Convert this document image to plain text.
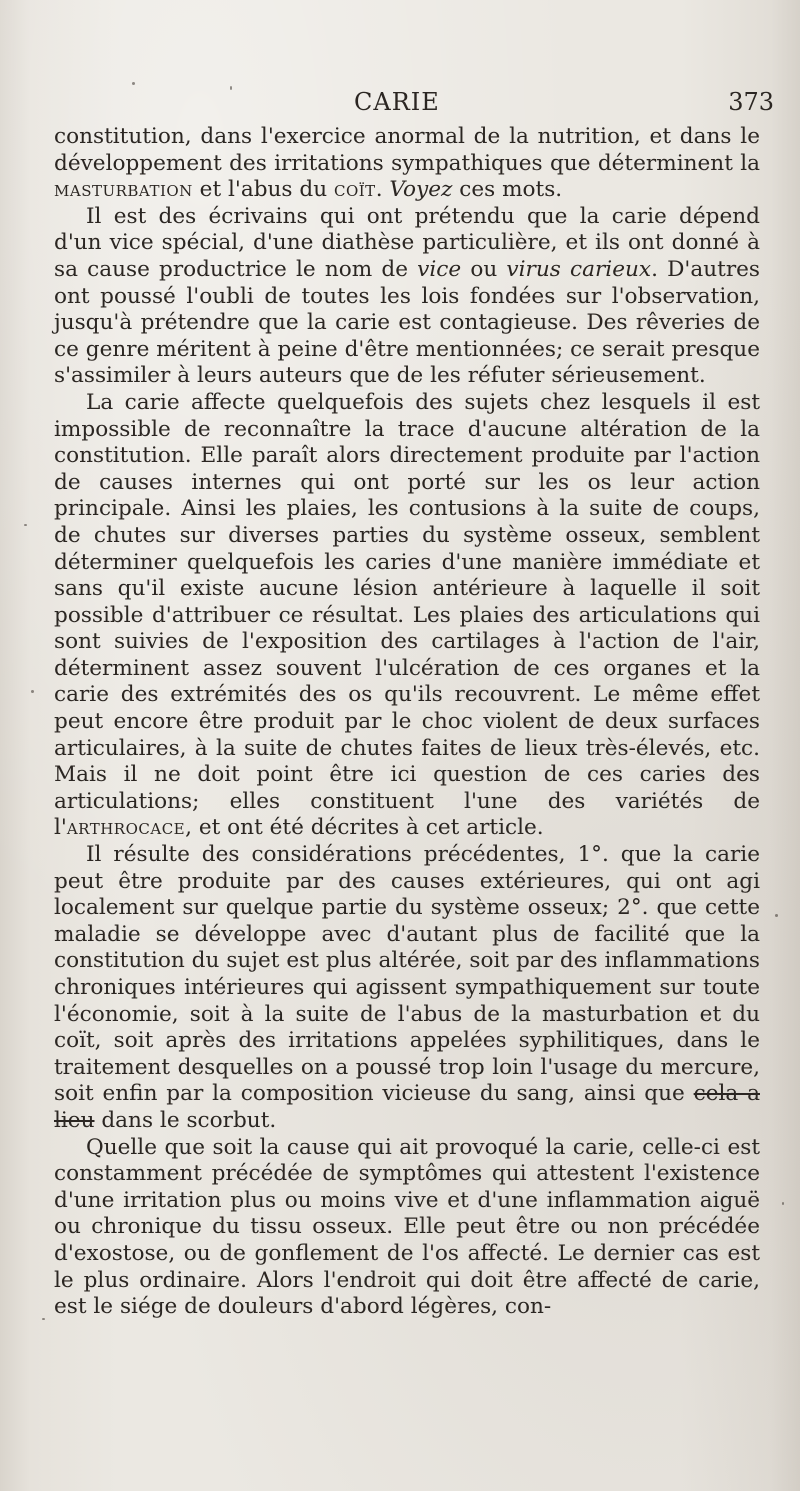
CARIE	373

constitution, dans l'exercice anormal de la nutrition, et dans le développement des irritations sympathiques que déterminent la masturbation et l'abus du coït. Voyez ces mots.

Il est des écrivains qui ont prétendu que la carie dépend d'un vice spécial, d'une diathèse particulière, et ils ont donné à sa cause productrice le nom de vice ou virus carieux. D'autres ont poussé l'oubli de toutes les lois fondées sur l'observation, jusqu'à prétendre que la carie est contagieuse. Des rêveries de ce genre méritent à peine d'être mentionnées; ce serait presque s'assimiler à leurs auteurs que de les réfuter sérieusement.

La carie affecte quelquefois des sujets chez lesquels il est impossible de reconnaître la trace d'aucune altération de la constitution. Elle paraît alors directement produite par l'action de causes internes qui ont porté sur les os leur action principale. Ainsi les plaies, les contusions à la suite de coups, de chutes sur diverses parties du système osseux, semblent déterminer quelquefois les caries d'une manière immédiate et sans qu'il existe aucune lésion antérieure à laquelle il soit possible d'attribuer ce résultat. Les plaies des articulations qui sont suivies de l'exposition des cartilages à l'action de l'air, déterminent assez souvent l'ulcération de ces organes et la carie des extrémités des os qu'ils recouvrent. Le même effet peut encore être produit par le choc violent de deux surfaces articulaires, à la suite de chutes faites de lieux très-élevés, etc. Mais il ne doit point être ici question de ces caries des articulations; elles constituent l'une des variétés de l'arthrocace, et ont été décrites à cet article.

Il résulte des considérations précédentes, 1°. que la carie peut être produite par des causes extérieures, qui ont agi localement sur quelque partie du système osseux; 2°. que cette maladie se développe avec d'autant plus de facilité que la constitution du sujet est plus altérée, soit par des inflammations chroniques intérieures qui agissent sympathiquement sur toute l'économie, soit à la suite de l'abus de la masturbation et du coït, soit après des irritations appelées syphilitiques, dans le traitement desquelles on a poussé trop loin l'usage du mercure, soit enfin par la composition vicieuse du sang, ainsi que cela a lieu dans le scorbut.

Quelle que soit la cause qui ait provoqué la carie, celle-ci est constamment précédée de symptômes qui attestent l'existence d'une irritation plus ou moins vive et d'une inflammation aiguë ou chronique du tissu osseux. Elle peut être ou non précédée d'exostose, ou de gonflement de l'os affecté. Le dernier cas est le plus ordinaire. Alors l'endroit qui doit être affecté de carie, est le siége de douleurs d'abord légères, con-
